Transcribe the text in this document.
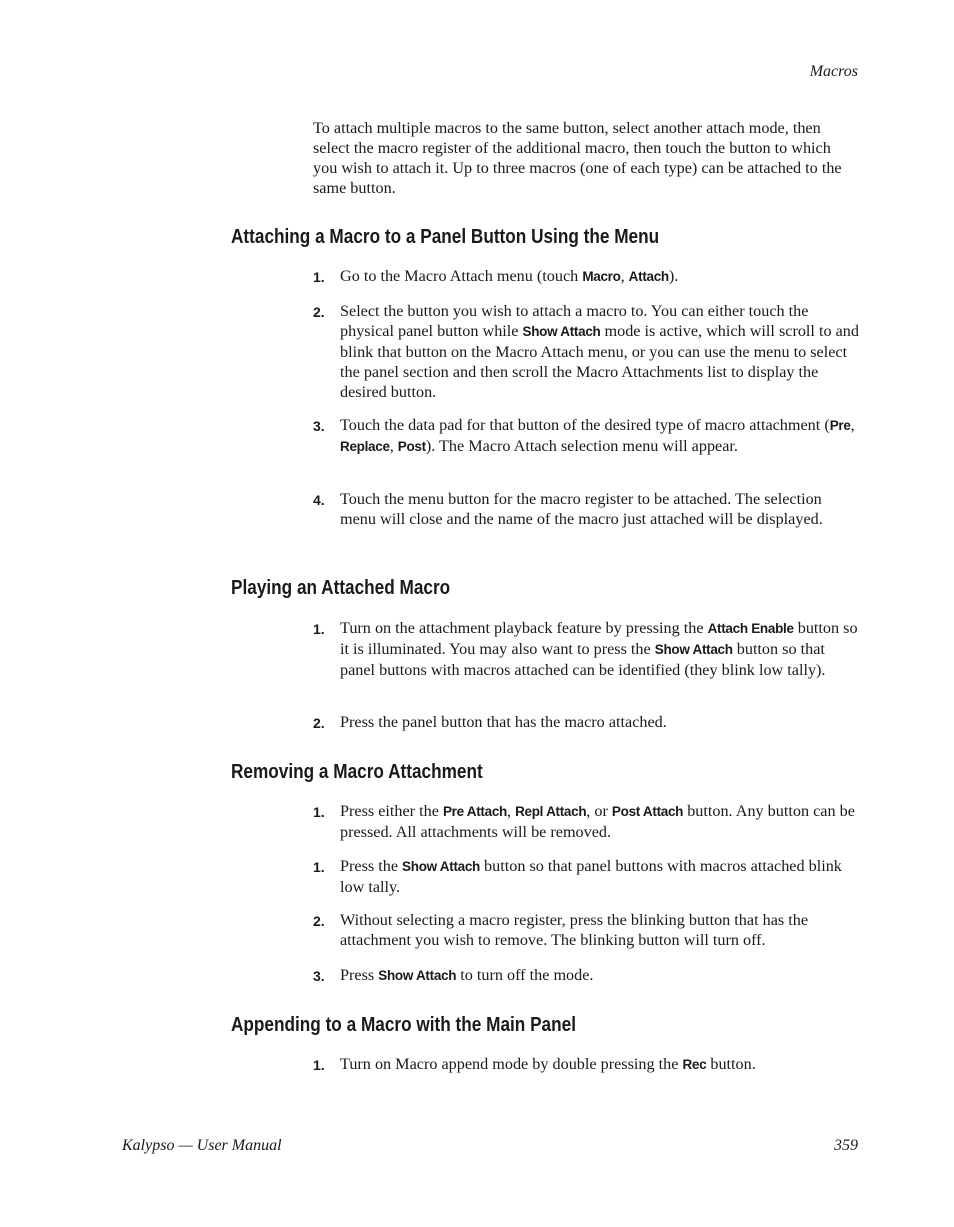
Macros
To attach multiple macros to the same button, select another attach mode, then select the macro register of the additional macro, then touch the button to which you wish to attach it. Up to three macros (one of each type) can be attached to the same button.
Attaching a Macro to a Panel Button Using the Menu
1. Go to the Macro Attach menu (touch Macro, Attach).
2. Select the button you wish to attach a macro to. You can either touch the physical panel button while Show Attach mode is active, which will scroll to and blink that button on the Macro Attach menu, or you can use the menu to select the panel section and then scroll the Macro Attachments list to display the desired button.
3. Touch the data pad for that button of the desired type of macro attachment (Pre, Replace, Post). The Macro Attach selection menu will appear.
4. Touch the menu button for the macro register to be attached. The selection menu will close and the name of the macro just attached will be displayed.
Playing an Attached Macro
1. Turn on the attachment playback feature by pressing the Attach Enable button so it is illuminated. You may also want to press the Show Attach button so that panel buttons with macros attached can be identified (they blink low tally).
2. Press the panel button that has the macro attached.
Removing a Macro Attachment
1. Press either the Pre Attach, Repl Attach, or Post Attach button. Any button can be pressed. All attachments will be removed.
1. Press the Show Attach button so that panel buttons with macros attached blink low tally.
2. Without selecting a macro register, press the blinking button that has the attachment you wish to remove. The blinking button will turn off.
3. Press Show Attach to turn off the mode.
Appending to a Macro with the Main Panel
1. Turn on Macro append mode by double pressing the Rec button.
Kalypso — User Manual	359
